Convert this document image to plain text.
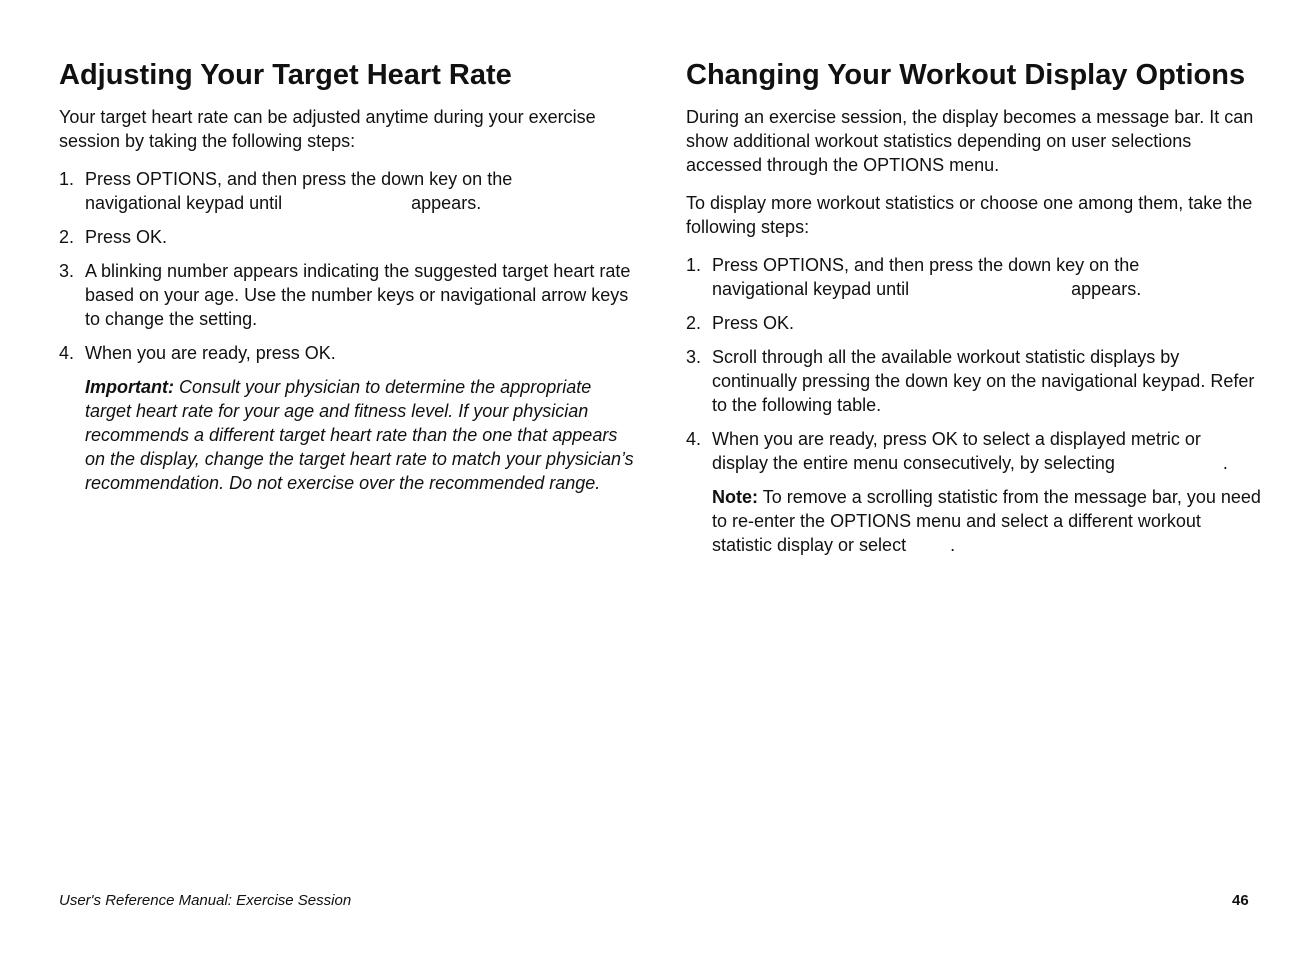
Adjusting Your Target Heart Rate

Your target heart rate can be adjusted anytime during your exercise session by taking the following steps:

1. Press OPTIONS, and then press the down key on the
navigational keypad until	appears.
2. Press OK.
3. A blinking number appears indicating the suggested target heart rate based on your age. Use the number keys or navigational arrow keys to change the setting.
4. When you are ready, press OK.

Important: Consult your physician to determine the appropriate target heart rate for your age and fitness level. If your physician recommends a different target heart rate than the one that appears on the display, change the target heart rate to match your physician’s recommendation. Do not exercise over the recommended range.

Changing Your Workout Display Options

During an exercise session, the display becomes a message bar. It can show additional workout statistics depending on user selections accessed through the OPTIONS menu.

To display more workout statistics or choose one among them, take the following steps:

1. Press OPTIONS, and then press the down key on the
navigational keypad until	appears.
2. Press OK.
3. Scroll through all the available workout statistic displays by continually pressing the down key on the navigational keypad. Refer to the following table.
4. When you are ready, press OK to select a displayed metric or display the entire menu consecutively, by selecting	.

Note: To remove a scrolling statistic from the message bar, you need to re-enter the OPTIONS menu and select a different workout statistic display or select .

User's Reference Manual: Exercise Session	46
